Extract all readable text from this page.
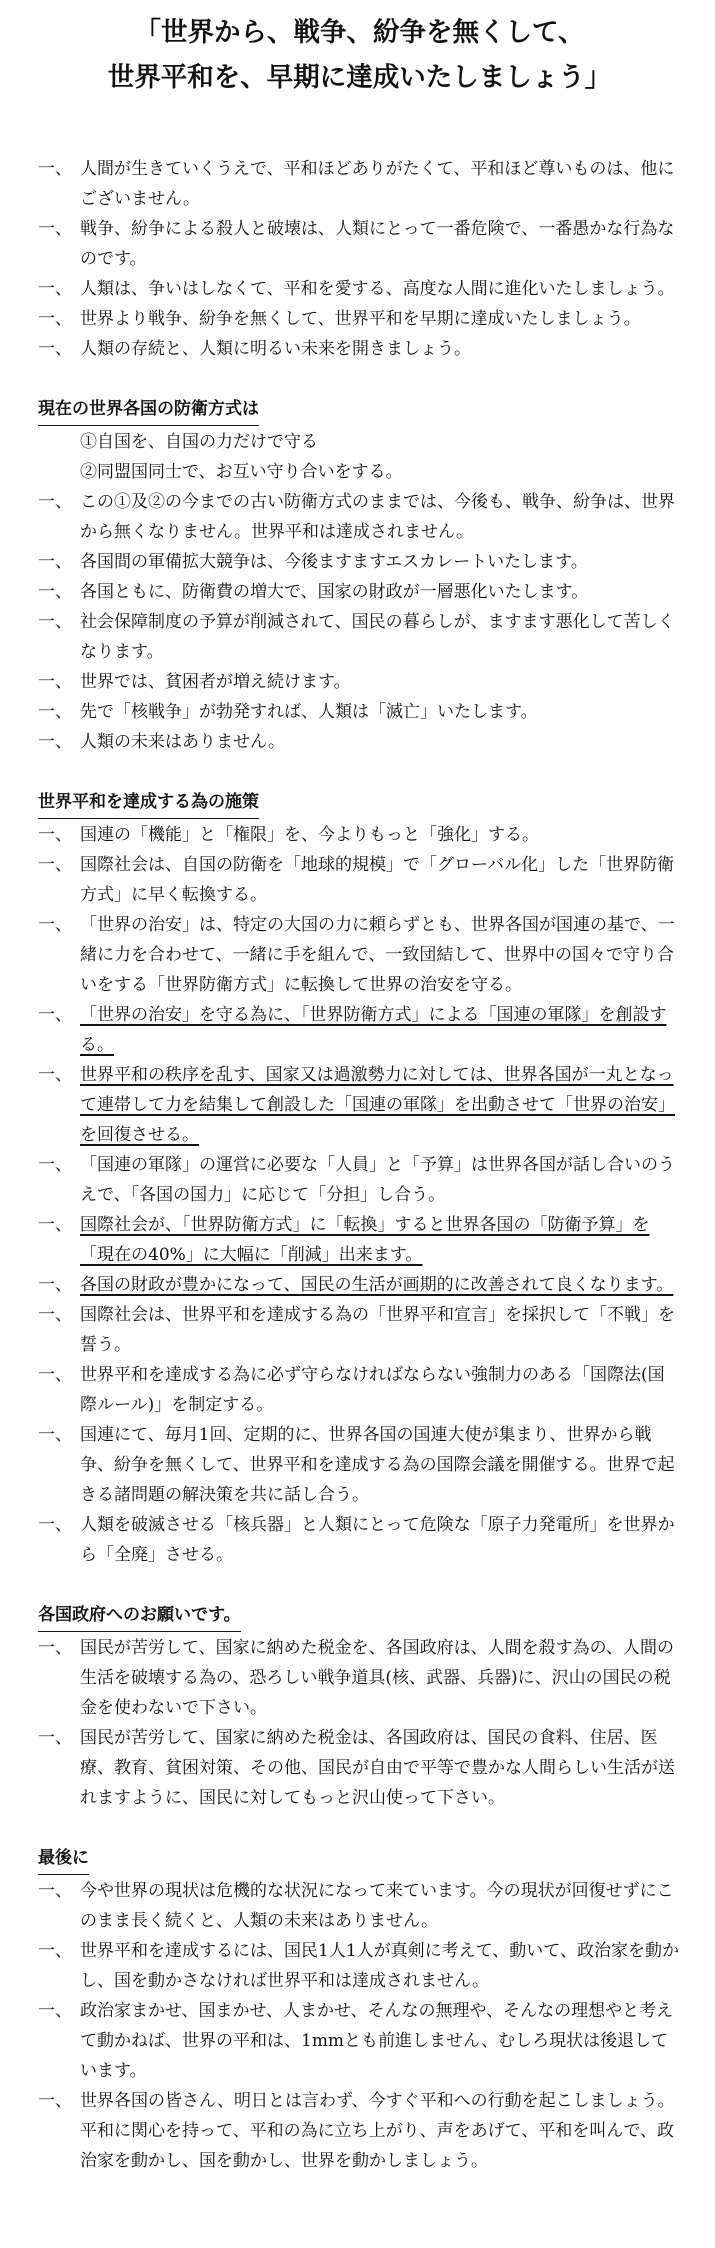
「世界から、戦争、紛争を無くして、
世界平和を、早期に達成いたしましょう」
一、 人間が生きていくうえで、平和ほどありがたくて、平和ほど尊いものは、他にございません。
一、 戦争、紛争による殺人と破壊は、人類にとって一番危険で、一番愚かな行為なのです。
一、 人類は、争いはしなくて、平和を愛する、高度な人間に進化いたしましょう。
一、 世界より戦争、紛争を無くして、世界平和を早期に達成いたしましょう。
一、 人類の存続と、人類に明るい未来を開きましょう。
現在の世界各国の防衛方式は
①自国を、自国の力だけで守る
②同盟国同士で、お互い守り合いをする。
一、 この①及②の今までの古い防衛方式のままでは、今後も、戦争、紛争は、世界から無くなりません。世界平和は達成されません。
一、 各国間の軍備拡大競争は、今後ますますエスカレートいたします。
一、 各国ともに、防衛費の増大で、国家の財政が一層悪化いたします。
一、 社会保障制度の予算が削減されて、国民の暮らしが、ますます悪化して苦しくなります。
一、 世界では、貧困者が増え続けます。
一、 先で「核戦争」が勃発すれば、人類は「滅亡」いたします。
一、 人類の未来はありません。
世界平和を達成する為の施策
一、 国連の「機能」と「権限」を、今よりもっと「強化」する。
一、 国際社会は、自国の防衛を「地球的規模」で「グローバル化」した「世界防衛方式」に早く転換する。
一、 「世界の治安」は、特定の大国の力に頼らずとも、世界各国が国連の基で、一緒に力を合わせて、一緒に手を組んで、一致団結して、世界中の国々で守り合いをする「世界防衛方式」に転換して世界の治安を守る。
一、 「世界の治安」を守る為に、「世界防衛方式」による「国連の軍隊」を創設する。
一、 世界平和の秩序を乱す、国家又は過激勢力に対しては、世界各国が一丸となって連帯して力を結集して創設した「国連の軍隊」を出動させて「世界の治安」を回復させる。
一、 「国連の軍隊」の運営に必要な「人員」と「予算」は世界各国が話し合いのうえで、「各国の国力」に応じて「分担」し合う。
一、 国際社会が、「世界防衛方式」に「転換」すると世界各国の「防衛予算」を「現在の40%」に大幅に「削減」出来ます。
一、 各国の財政が豊かになって、国民の生活が画期的に改善されて良くなります。
一、 国際社会は、世界平和を達成する為の「世界平和宣言」を採択して「不戦」を誓う。
一、 世界平和を達成する為に必ず守らなければならない強制力のある「国際法(国際ルール)」を制定する。
一、 国連にて、毎月1回、定期的に、世界各国の国連大使が集まり、世界から戦争、紛争を無くして、世界平和を達成する為の国際会議を開催する。世界で起きる諸問題の解決策を共に話し合う。
一、 人類を破滅させる「核兵器」と人類にとって危険な「原子力発電所」を世界から「全廃」させる。
各国政府へのお願いです。
一、 国民が苦労して、国家に納めた税金を、各国政府は、人間を殺す為の、人間の生活を破壊する為の、恐ろしい戦争道具(核、武器、兵器)に、沢山の国民の税金を使わないで下さい。
一、 国民が苦労して、国家に納めた税金は、各国政府は、国民の食料、住居、医療、教育、貧困対策、その他、国民が自由で平等で豊かな人間らしい生活が送れますように、国民に対してもっと沢山使って下さい。
最後に
一、 今や世界の現状は危機的な状況になって来ています。今の現状が回復せずにこのまま長く続くと、人類の未来はありません。
一、 世界平和を達成するには、国民1人1人が真剣に考えて、動いて、政治家を動かし、国を動かさなければ世界平和は達成されません。
一、 政治家まかせ、国まかせ、人まかせ、そんなの無理や、そんなの理想やと考えて動かねば、世界の平和は、1mmとも前進しません、むしろ現状は後退しています。
一、 世界各国の皆さん、明日とは言わず、今すぐ平和への行動を起こしましょう。平和に関心を持って、平和の為に立ち上がり、声をあげて、平和を叫んで、政治家を動かし、国を動かし、世界を動かしましょう。
